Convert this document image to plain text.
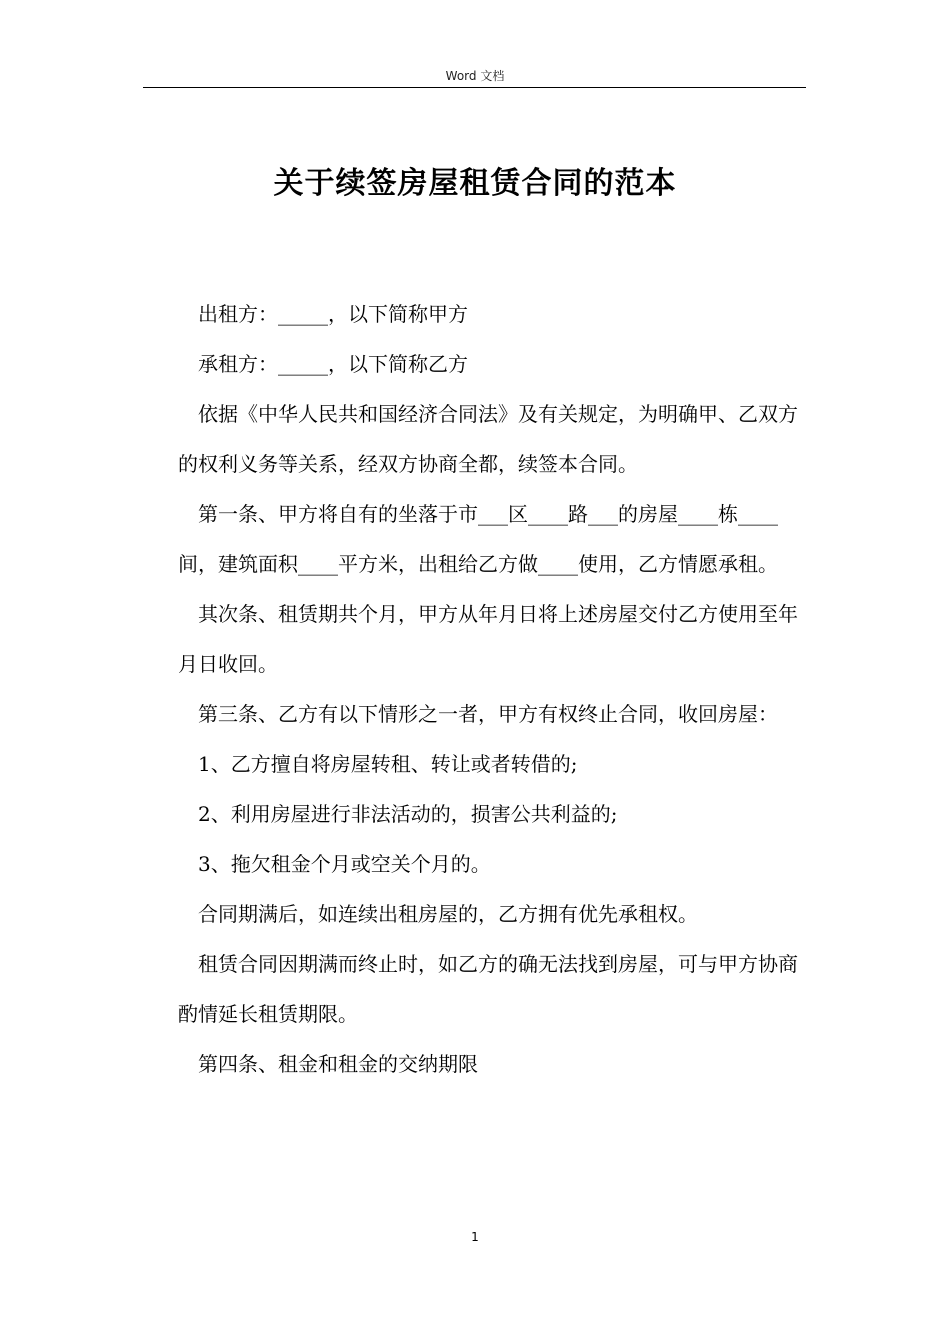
Word 文档
关于续签房屋租赁合同的范本

出租方：_____，以下简称甲方

承租方：_____，以下简称乙方

依据《中华人民共和国经济合同法》及有关规定，为明确甲、乙双方的权利义务等关系，经双方协商全都，续签本合同。

第一条、甲方将自有的坐落于市___区____路___的房屋____栋____间，建筑面积____平方米，出租给乙方做____使用，乙方情愿承租。

其次条、租赁期共个月，甲方从年月日将上述房屋交付乙方使用至年月日收回。

第三条、乙方有以下情形之一者，甲方有权终止合同，收回房屋：

1、乙方擅自将房屋转租、转让或者转借的;

2、利用房屋进行非法活动的，损害公共利益的;

3、拖欠租金个月或空关个月的。

合同期满后，如连续出租房屋的，乙方拥有优先承租权。

租赁合同因期满而终止时，如乙方的确无法找到房屋，可与甲方协商酌情延长租赁期限。

第四条、租金和租金的交纳期限

1
